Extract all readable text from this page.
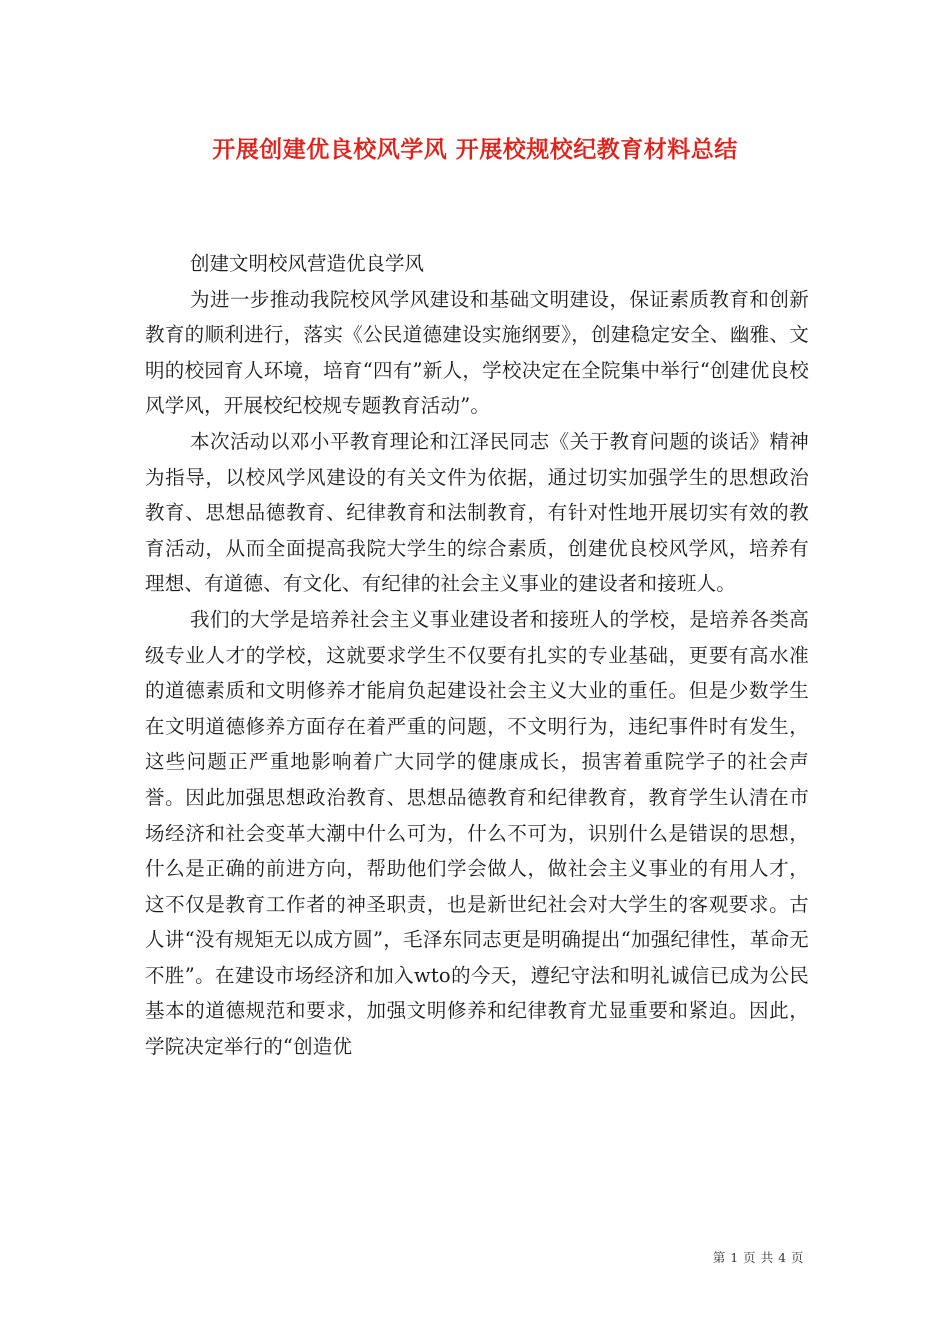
开展创建优良校风学风 开展校规校纪教育材料总结

创建文明校风营造优良学风

为进一步推动我院校风学风建设和基础文明建设，保证素质教育和创新教育的顺利进行，落实《公民道德建设实施纲要》，创建稳定安全、幽雅、文明的校园育人环境，培育“四有”新人，学校决定在全院集中举行“创建优良校风学风，开展校纪校规专题教育活动”。

本次活动以邓小平教育理论和江泽民同志《关于教育问题的谈话》精神为指导，以校风学风建设的有关文件为依据，通过切实加强学生的思想政治教育、思想品德教育、纪律教育和法制教育，有针对性地开展切实有效的教育活动，从而全面提高我院大学生的综合素质，创建优良校风学风，培养有理想、有道德、有文化、有纪律的社会主义事业的建设者和接班人。

我们的大学是培养社会主义事业建设者和接班人的学校，是培养各类高级专业人才的学校，这就要求学生不仅要有扎实的专业基础，更要有高水准的道德素质和文明修养才能肩负起建设社会主义大业的重任。但是少数学生在文明道德修养方面存在着严重的问题，不文明行为，违纪事件时有发生，这些问题正严重地影响着广大同学的健康成长，损害着重院学子的社会声誉。因此加强思想政治教育、思想品德教育和纪律教育，教育学生认清在市场经济和社会变革大潮中什么可为，什么不可为，识别什么是错误的思想，什么是正确的前进方向，帮助他们学会做人，做社会主义事业的有用人才，这不仅是教育工作者的神圣职责，也是新世纪社会对大学生的客观要求。古人讲“没有规矩无以成方圆”，毛泽东同志更是明确提出“加强纪律性，革命无不胜”。在建设市场经济和加入wto的今天，遵纪守法和明礼诚信已成为公民基本的道德规范和要求，加强文明修养和纪律教育尤显重要和紧迫。因此，学院决定举行的“创造优

第 1 页 共 4 页
